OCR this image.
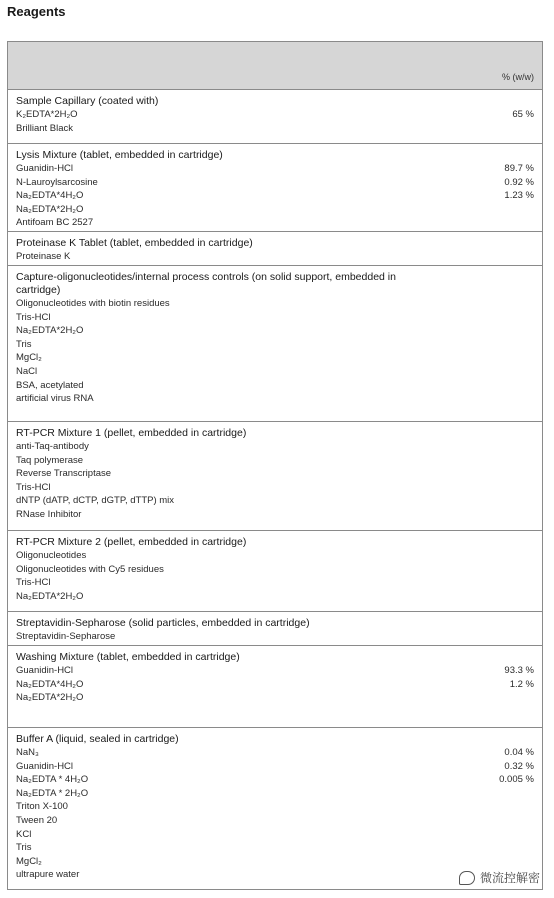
Reagents
% (w/w)
Sample Capillary (coated with)
K₂EDTA*2H₂O	65 %
Brilliant Black
Lysis Mixture (tablet, embedded in cartridge)
Guanidin-HCl	89.7 %
N-Lauroylsarcosine	0.92 %
Na₂EDTA*4H₂O	1.23 %
Na₂EDTA*2H₂O
Antifoam BC 2527
Proteinase K Tablet (tablet, embedded in cartridge)
Proteinase K
Capture-oligonucleotides/internal process controls (on solid support, embedded in cartridge)
Oligonucleotides with biotin residues
Tris-HCl
Na₂EDTA*2H₂O
Tris
MgCl₂
NaCl
BSA, acetylated
artificial virus RNA
RT-PCR Mixture 1 (pellet, embedded in cartridge)
anti-Taq-antibody
Taq polymerase
Reverse Transcriptase
Tris-HCl
dNTP (dATP, dCTP, dGTP, dTTP) mix
RNase Inhibitor
RT-PCR Mixture 2 (pellet, embedded in cartridge)
Oligonucleotides
Oligonucleotides with Cy5 residues
Tris-HCl
Na₂EDTA*2H₂O
Streptavidin-Sepharose (solid particles, embedded in cartridge)
Streptavidin-Sepharose
Washing Mixture (tablet, embedded in cartridge)
Guanidin-HCl	93.3 %
Na₂EDTA*4H₂O	1.2 %
Na₂EDTA*2H₂O
Buffer A (liquid, sealed in cartridge)
NaN₃	0.04 %
Guanidin-HCl	0.32 %
Na₂EDTA * 4H₂O	0.005 %
Na₂EDTA * 2H₂O
Triton X-100
Tween 20
KCl
Tris
MgCl₂
ultrapure water	微流控解密
